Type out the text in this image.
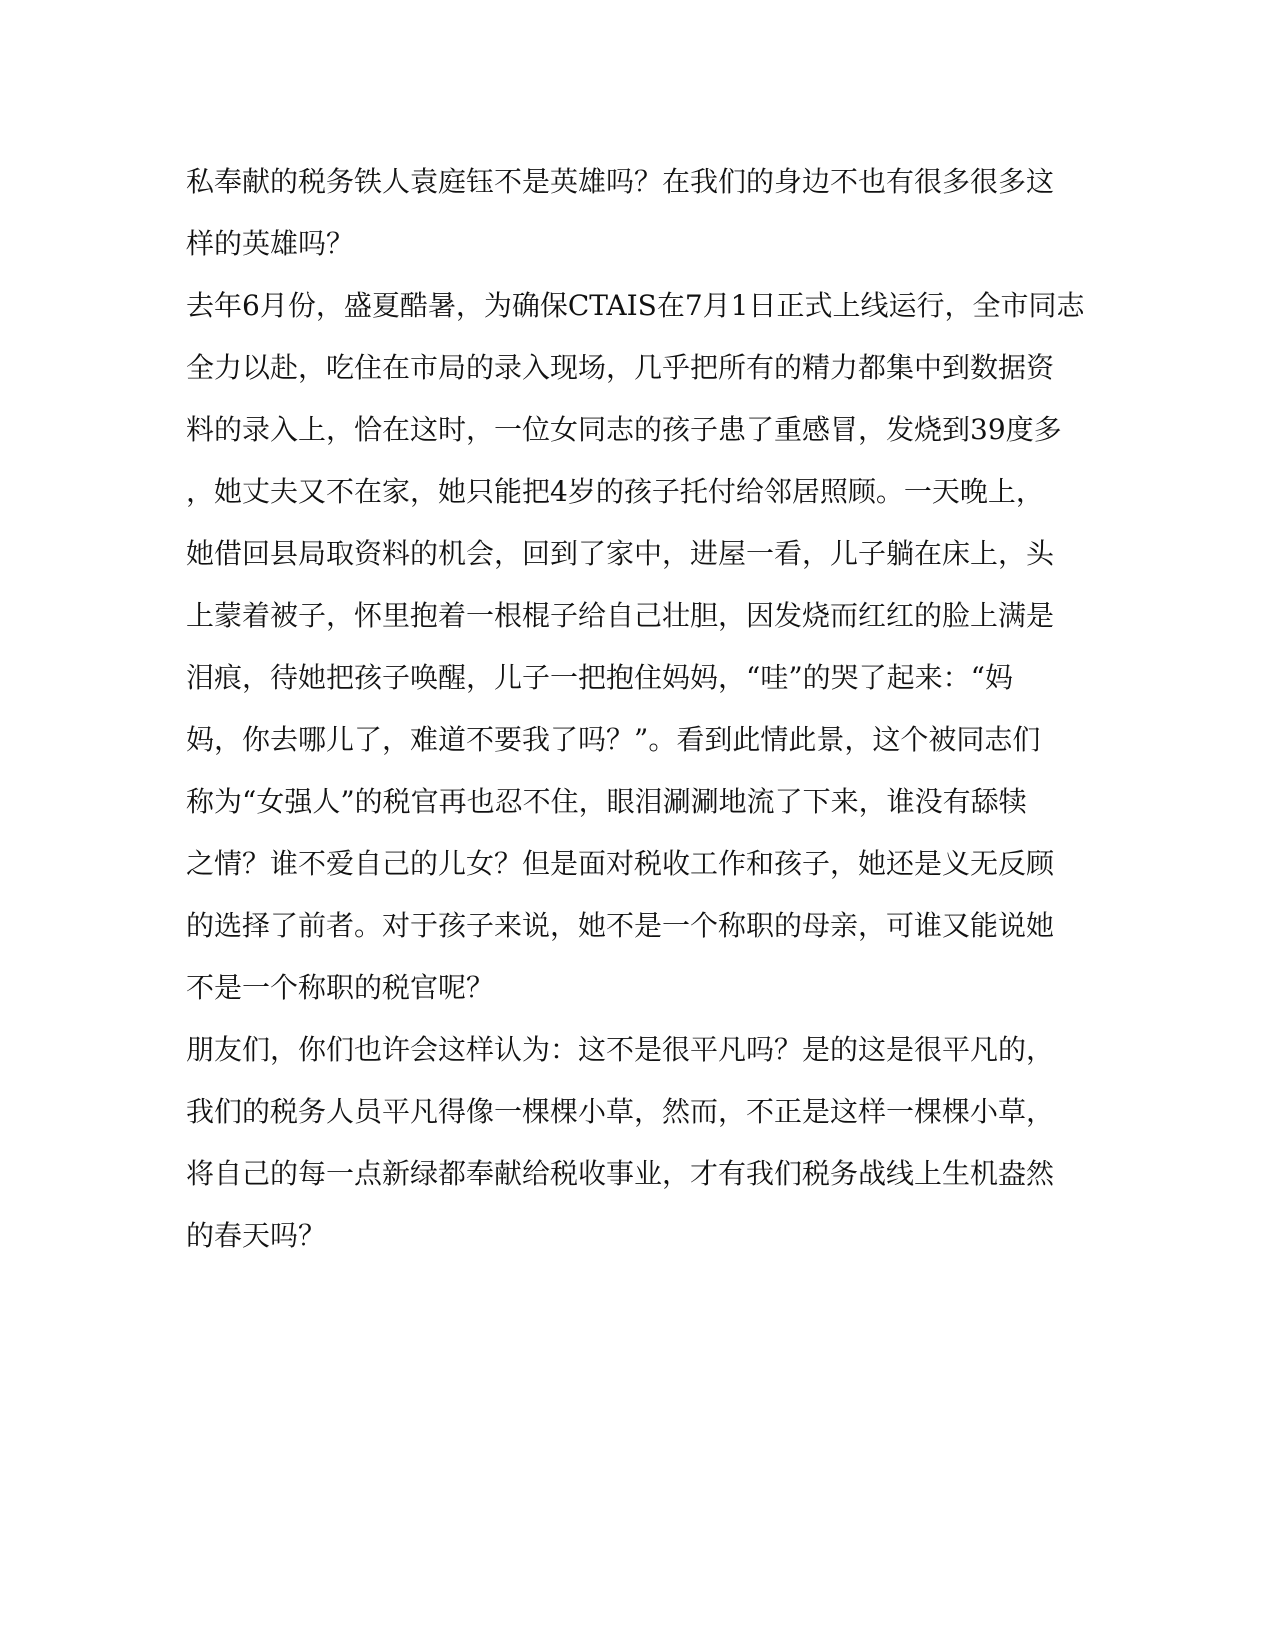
私奉献的税务铁人袁庭钰不是英雄吗？在我们的身边不也有很多很多这
样的英雄吗？
去年6月份，盛夏酷暑，为确保CTAIS在7月1日正式上线运行，全市同志
全力以赴，吃住在市局的录入现场，几乎把所有的精力都集中到数据资
料的录入上，恰在这时，一位女同志的孩子患了重感冒，发烧到39度多
，她丈夫又不在家，她只能把4岁的孩子托付给邻居照顾。一天晚上，
她借回县局取资料的机会，回到了家中，进屋一看，儿子躺在床上，头
上蒙着被子，怀里抱着一根棍子给自己壮胆，因发烧而红红的脸上满是
泪痕，待她把孩子唤醒，儿子一把抱住妈妈，“哇”的哭了起来：“妈
妈，你去哪儿了，难道不要我了吗？”。看到此情此景，这个被同志们
称为“女强人”的税官再也忍不住，眼泪涮涮地流了下来，谁没有舔犊
之情？谁不爱自己的儿女？但是面对税收工作和孩子，她还是义无反顾
的选择了前者。对于孩子来说，她不是一个称职的母亲，可谁又能说她
不是一个称职的税官呢？
朋友们，你们也许会这样认为：这不是很平凡吗？是的这是很平凡的，
我们的税务人员平凡得像一棵棵小草，然而，不正是这样一棵棵小草，
将自己的每一点新绿都奉献给税收事业，才有我们税务战线上生机盎然
的春天吗？
